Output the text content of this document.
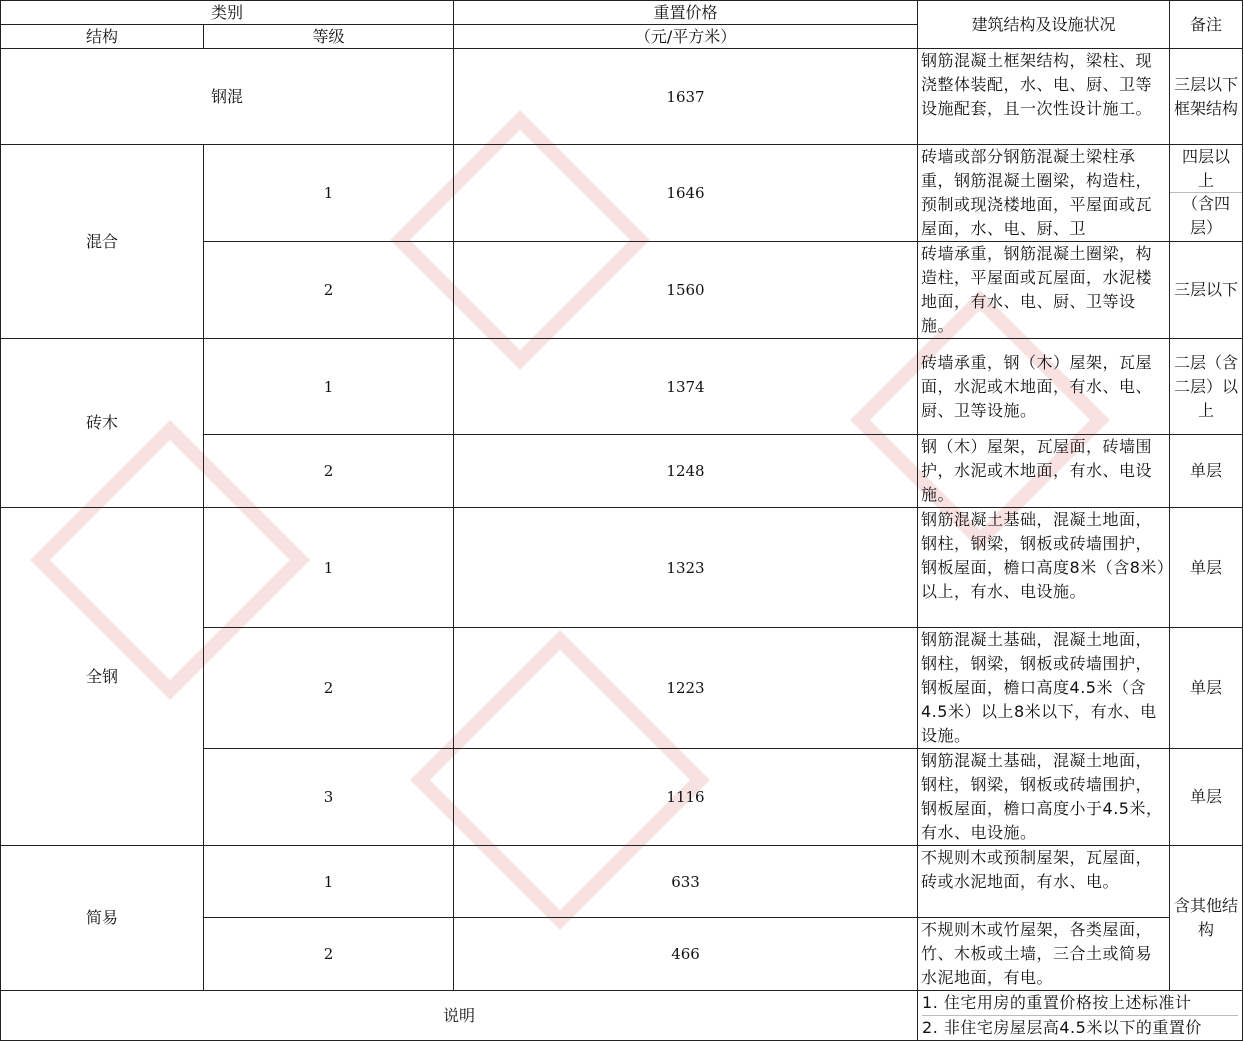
类别		重置价格	建筑结构及设施状况	备注
结构	等级	（元/平方米）		
钢混		1637	钢筋混凝土框架结构，梁柱、现浇整体装配，水、电、厨、卫等设施配套，且一次性设计施工。	三层以下框架结构
混合	1	1646	砖墙或部分钢筋混凝土梁柱承重，钢筋混凝土圈梁，构造柱，预制或现浇楼地面，平屋面或瓦屋面，水、电、厨、卫	四层以上
（含四层）

	2	1560	砖墙承重，钢筋混凝土圈梁，构造柱，平屋面或瓦屋面，水泥楼地面，有水、电、厨、卫等设施。	三层以下
砖木	1	1374	砖墙承重，钢（木）屋架，瓦屋面，水泥或木地面，有水、电、厨、卫等设施。	二层（含二层）以上
	2	1248	钢（木）屋架，瓦屋面，砖墙围护，水泥或木地面，有水、电设施。	单层
全钢	1	1323	钢筋混凝土基础，混凝土地面，钢柱，钢梁，钢板或砖墙围护，钢板屋面，檐口高度8米（含8米）以上，有水、电设施。	单层
	2	1223	钢筋混凝土基础，混凝土地面，钢柱，钢梁，钢板或砖墙围护，钢板屋面，檐口高度4.5米（含4.5米）以上8米以下，有水、电设施。	单层
	3	1116	钢筋混凝土基础，混凝土地面，钢柱，钢梁，钢板或砖墙围护，钢板屋面，檐口高度小于4.5米，有水、电设施。	单层
简易	1	633	不规则木或预制屋架，瓦屋面，砖或水泥地面，有水、电。	含其他结构
	2	466	不规则木或竹屋架，各类屋面，竹、木板或土墙，三合土或简易水泥地面，有电。	

说明			1. 住宅用房的重置价格按上述标准计
2. 非住宅房屋层高4.5米以下的重置价	
